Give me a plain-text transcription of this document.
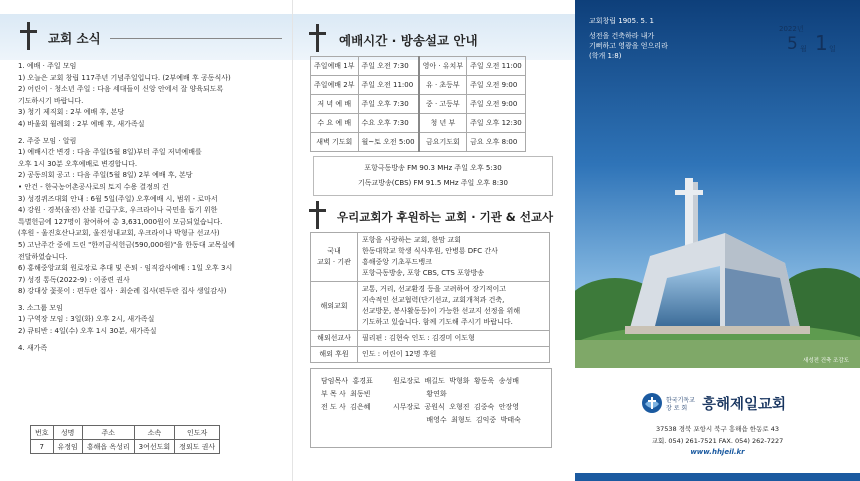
교회 소식
1. 예배 · 주일 모임
1) 오늘은 교회 창립 117주년 기념주일입니다. (2부예배 후 공동식사)
2) 어린이 · 청소년 주일 : 다음 세대들이 신앙 안에서 잘 양육되도록
기도하시기 바랍니다.
3) 청기 제직회 : 2부 예배 후, 본당
4) 바울회 월례회 : 2부 예배 후, 새가족실
2. 주중 모임 · 알림
1) 예배시간 변경 : 다음 주일(5월 8일)부터 주일 저녁예배를
오후 1시 30분 오후예배로 변경합니다.
2) 공동의회 공고 : 다음 주일(5월 8일) 2부 예배 후, 본당
• 안건 - 한국농어촌공사로의 토지 수용 결정의 건
3) 성경퀴즈대회 안내 : 6월 5일(주일) 오후예배 시, 범위 - 로마서
4) 강원 · 경북(울진) 산불 긴급구호, 우크라이나 국민을 돕기 위한
특별헌금에 127명이 참여하여 총 3,631,000원이 모금되었습니다.
(후원 - 울진호산나교회, 울진성내교회, 우크라이나 박형규 선교사)
5) 고난주간 중에 드린 "한끼금식헌금(590,000원)"을 한동대 교목실에
전달하였습니다.
6) 홍해중앙교회 원로장로 추대 및 은퇴 · 임직감사예배 : 1일 오후 3시
7) 성경 통독(2022-9) : 이종련 권사
8) 강대상 꽃꽂이 : 편두란 집사 · 최순례 집사(편두란 집사 생일감사)
3. 소그룹 모임
1) 구역장 모임 : 3일(화) 오후 2시, 새가족실
2) 큐티반 : 4일(수) 오후 1시 30분, 새가족실
4. 새가족
번호	성명	주소	소속	인도자
7	유정임	흥해읍 옥성리	3여선도회	정외도 권사
예배시간 · 방송설교 안내
주일예배 1부	주일 오전 7:30	영아 · 유치부	주일 오전 11:00
주일예배 2부	주일 오전 11:00	유 · 초등부	주일 오전 9:00
저 녁 예 배	주일 오후 7:30	중 · 고등부	주일 오전 9:00
수 요 예 배	수요 오후 7:30	청 년 부	주일 오후 12:30
새벽 기도회	월~토 오전 5:00	금요기도회	금요 오후 8:00
포항극동방송 FM 90.3 MHz 주일 오후 5:30
기독교방송(CBS) FM 91.5 MHz 주일 오후 8:30
우리교회가 후원하는 교회 · 기관 & 선교사
국내
교회 · 기관	포항을 사랑하는 교회, 한맘 교회
한동대학교 학생 식사후원, 안병룡 DFC 간사
흥해중앙 기초푸드뱅크
포항극동방송, 포항 CBS, CTS 포항방송
해외교회	교통, 거리, 선교환경 등을 고려하여 장기적이고
지속적인 선교협력(단기선교, 교회개척과 건축,
선교방문, 봉사활동등)이 가능한 선교지 선정을 위해
기도하고 있습니다. 함께 기도해 주시기 바랍니다.
해외선교사	필리핀 : 김현숙 인도 : 김경미 이도형
해외 후원	인도 : 어린이 12명 후원
담임목사  홍경표
부 목 사  최동빈
전 도 사  김은혜
원로장로  배길도  박형화  황동욱  송성배
황연화
시무장로  공원식  오형진  김중숙  안장영
배영수  최형도  김익중  박태숙
교회창립 1905. 5. 1
성전을 건축하라 내가
기뻐하고 영광을 얻으리라
(학개 1:8)
2022년
5 월 1 일
새성전 건축 조감도
한국기독교
장 로 회 흥해제일교회
37538 경북 포항시 북구 흥해읍 한동로 43
교회. 054) 261-7521 FAX. 054) 262-7227
www.hhjeil.kr
